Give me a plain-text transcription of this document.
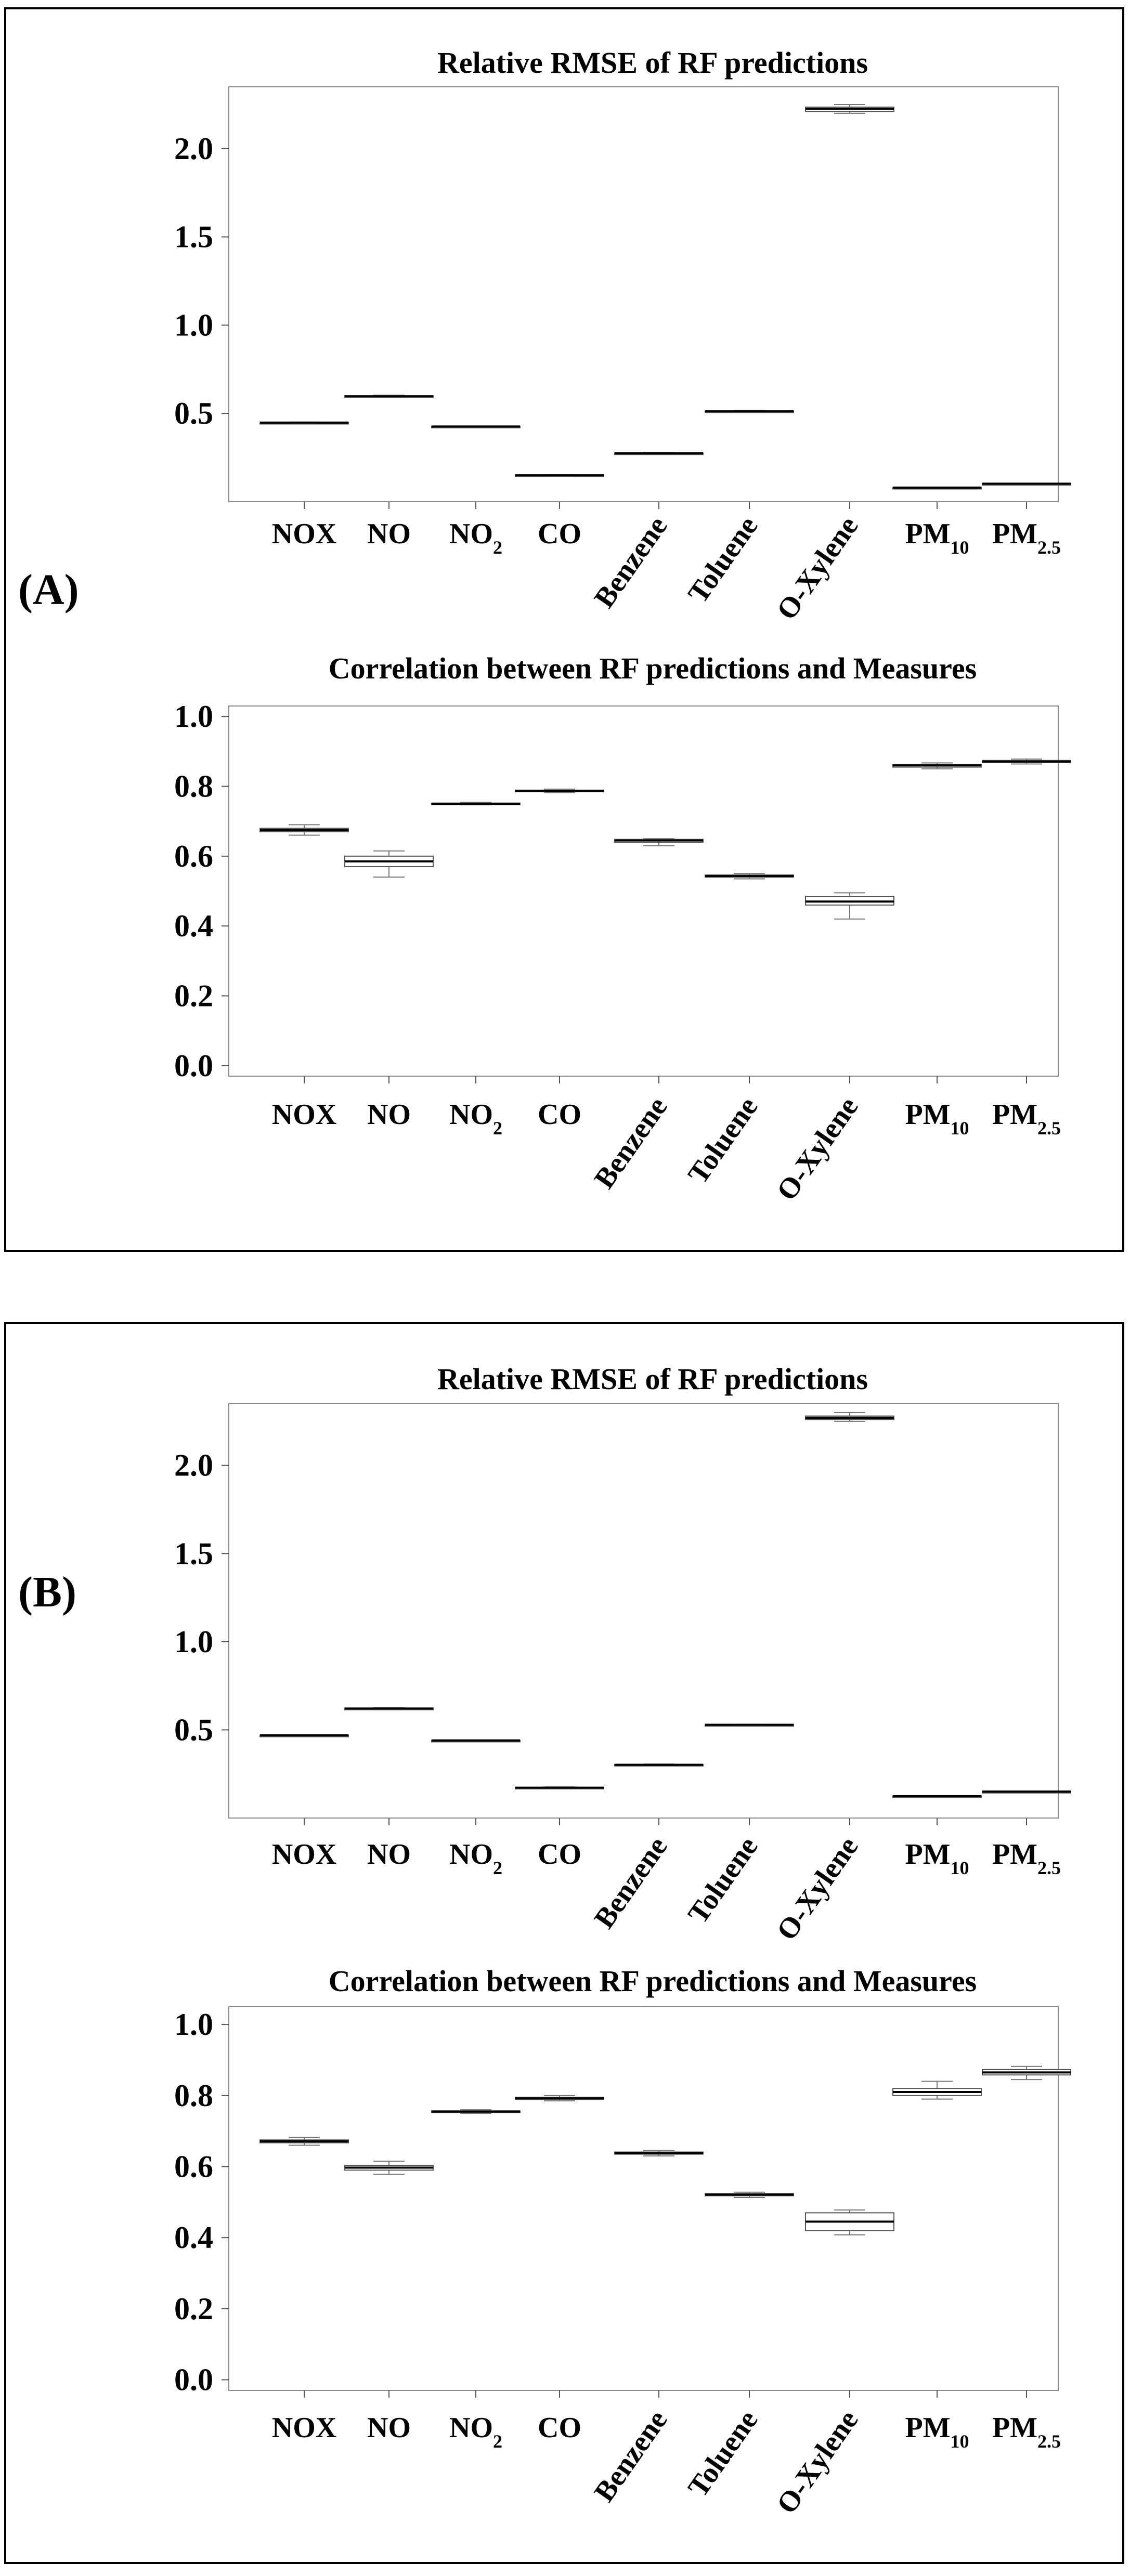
(A)
(B)
Relative RMSE of RF predictions
0.5
1.0
1.5
2.0
NOX NO $NO_2$ CO Benzene Toluene O-Xylene $PM_{10}$ $PM_{2.5}$
Correlation between RF predictions and Measures
0.0
0.2
0.4
0.6
0.8
1.0
NOX NO $NO_2$ CO Benzene Toluene O-Xylene $PM_{10}$ $PM_{2.5}$
Relative RMSE of RF predictions
0.5
1.0
1.5
2.0
NOX NO $NO_2$ CO Benzene Toluene O-Xylene $PM_{10}$ $PM_{2.5}$
Correlation between RF predictions and Measures
0.0
0.2
0.4
0.6
0.8
1.0
NOX NO $NO_2$ CO Benzene Toluene O-Xylene $PM_{10}$ $PM_{2.5}$
